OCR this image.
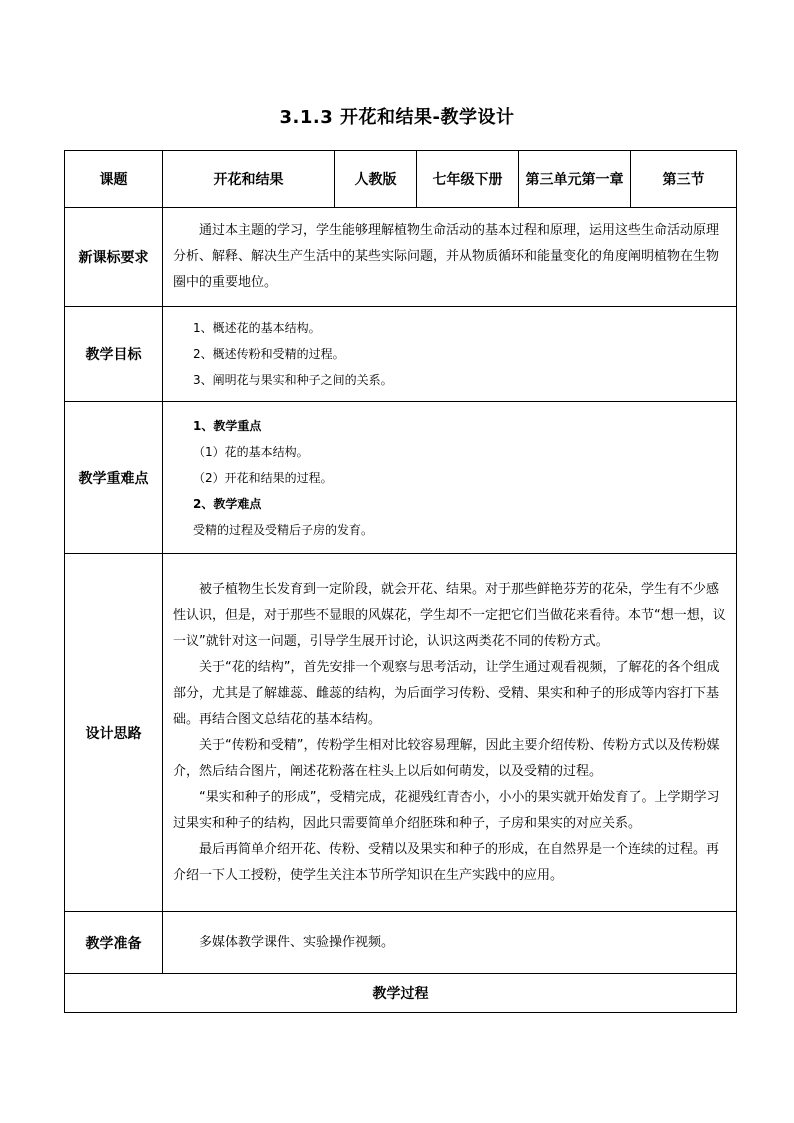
3.1.3 开花和结果-教学设计
课题	开花和结果	人教版	七年级下册	第三单元第一章	第三节
新课标要求	通过本主题的学习，学生能够理解植物生命活动的基本过程和原理，运用这些生命活动原理分析、解释、解决生产生活中的某些实际问题，并从物质循环和能量变化的角度阐明植物在生物圈中的重要地位。				

教学目标	1、概述花的基本结构。

2、概述传粉和受精的过程。

3、阐明花与果实和种子之间的关系。				

教学重难点	1、教学重点

（1）花的基本结构。

（2）开花和结果的过程。

2、教学难点

受精的过程及受精后子房的发育。				

设计思路	被子植物生长发育到一定阶段，就会开花、结果。对于那些鲜艳芬芳的花朵，学生有不少感性认识，但是，对于那些不显眼的风媒花，学生却不一定把它们当做花来看待。本节“想一想，议一议”就针对这一问题，引导学生展开讨论，认识这两类花不同的传粉方式。

关于“花的结构”，首先安排一个观察与思考活动，让学生通过观看视频，了解花的各个组成部分，尤其是了解雄蕊、雌蕊的结构，为后面学习传粉、受精、果实和种子的形成等内容打下基础。再结合图文总结花的基本结构。

关于“传粉和受精”，传粉学生相对比较容易理解，因此主要介绍传粉、传粉方式以及传粉媒介，然后结合图片，阐述花粉落在柱头上以后如何萌发，以及受精的过程。

“果实和种子的形成”，受精完成，花褪残红青杏小，小小的果实就开始发育了。上学期学习过果实和种子的结构，因此只需要简单介绍胚珠和种子，子房和果实的对应关系。

最后再简单介绍开花、传粉、受精以及果实和种子的形成，在自然界是一个连续的过程。再介绍一下人工授粉，使学生关注本节所学知识在生产实践中的应用。				

教学准备	多媒体教学课件、实验操作视频。				

教学过程					
